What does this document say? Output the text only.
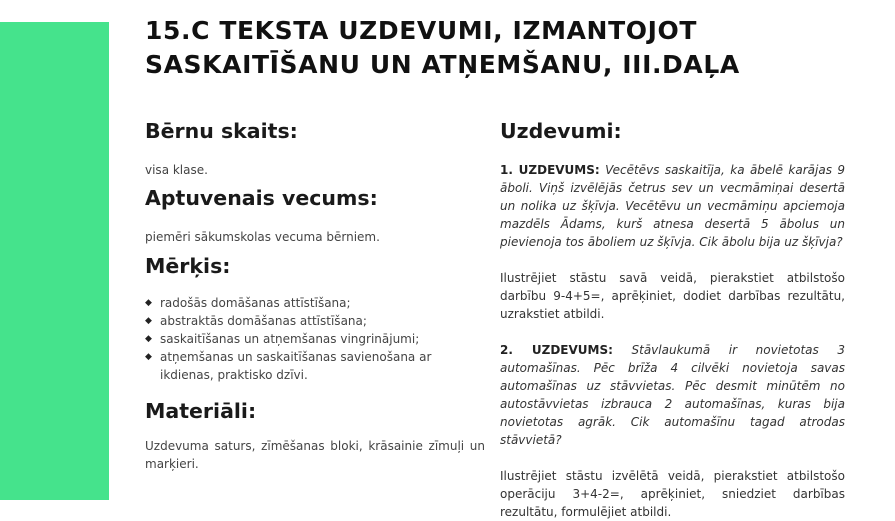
15.C TEKSTA UZDEVUMI, IZMANTOJOT SASKAITĪŠANU UN ATŅEMŠANU, III.DAĻA
Bērnu skaits:

visa klase.

Aptuvenais vecums:

piemēri sākumskolas vecuma bērniem.

Mērķis:
◆ radošās domāšanas attīstīšana;
◆ abstraktās domāšanas attīstīšana;
◆ saskaitīšanas un atņemšanas vingrinājumi;
◆ atņemšanas un saskaitīšanas savienošana ar ikdienas, praktisko dzīvi.
Materiāli:

Uzdevuma saturs, zīmēšanas bloki, krāsainie zīmuļi un marķieri.

Uzdevumi:

1. UZDEVUMS: Vecētēvs saskaitīja, ka ābelē karājas 9 āboli. Viņš izvēlējās četrus sev un vecmāmiņai desertā un nolika uz šķīvja. Vecētēvu un vecmāmiņu apciemoja mazdēls Ādams, kurš atnesa desertā 5 ābolus un pievienoja tos āboliem uz šķīvja. Cik ābolu bija uz šķīvja?

Ilustrējiet stāstu savā veidā, pierakstiet atbilstošo darbību 9-4+5=, aprēķiniet, dodiet darbības rezultātu, uzrakstiet atbildi.

2. UZDEVUMS: Stāvlaukumā ir novietotas 3 automašīnas. Pēc brīža 4 cilvēki novietoja savas automašīnas uz stāvvietas. Pēc desmit minūtēm no autostāvvietas izbrauca 2 automašīnas, kuras bija novietotas agrāk. Cik automašīnu tagad atrodas stāvvietā?

Ilustrējiet stāstu izvēlētā veidā, pierakstiet atbilstošo operāciju 3+4-2=, aprēķiniet, sniedziet darbības rezultātu, formulējiet atbildi.
